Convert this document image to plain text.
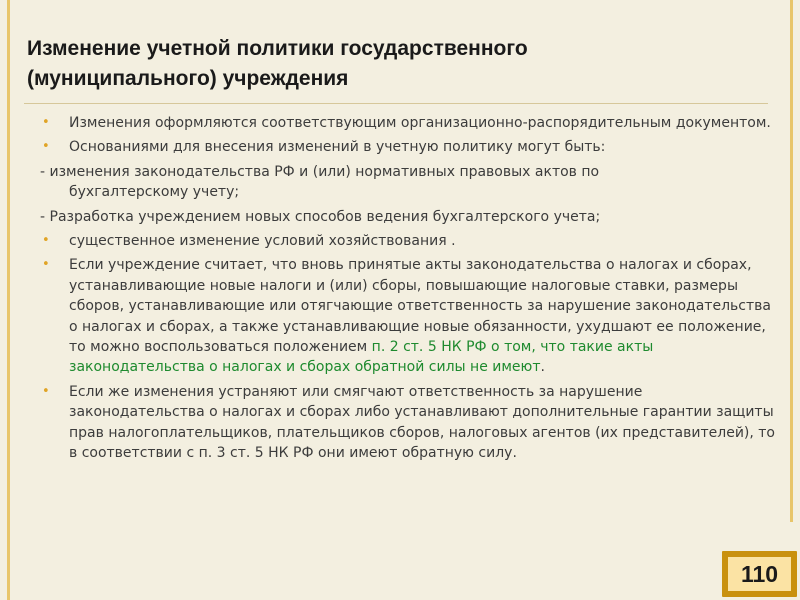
Изменение учетной политики государственного
(муниципального) учреждения
• Изменения оформляются соответствующим организационно-распорядительным документом.
• Основаниями для внесения изменений в учетную политику могут быть:
- изменения законодательства РФ и (или) нормативных правовых актов по
бухгалтерскому учету;
- Разработка учреждением новых способов ведения бухгалтерского учета;
• существенное изменение условий хозяйствования .
• Если учреждение считает, что вновь принятые акты законодательства о налогах и сборах, устанавливающие новые налоги и (или) сборы, повышающие налоговые ставки, размеры сборов, устанавливающие или отягчающие ответственность за нарушение законодательства о налогах и сборах, а также устанавливающие новые обязанности, ухудшают ее положение, то можно воспользоваться положением п. 2 ст. 5 НК РФ о том, что такие акты законодательства о налогах и сборах обратной силы не имеют.
• Если же изменения устраняют или смягчают ответственность за нарушение законодательства о налогах и сборах либо устанавливают дополнительные гарантии защиты прав налогоплательщиков, плательщиков сборов, налоговых агентов (их представителей), то в соответствии с п. 3 ст. 5 НК РФ они имеют обратную силу.
110
